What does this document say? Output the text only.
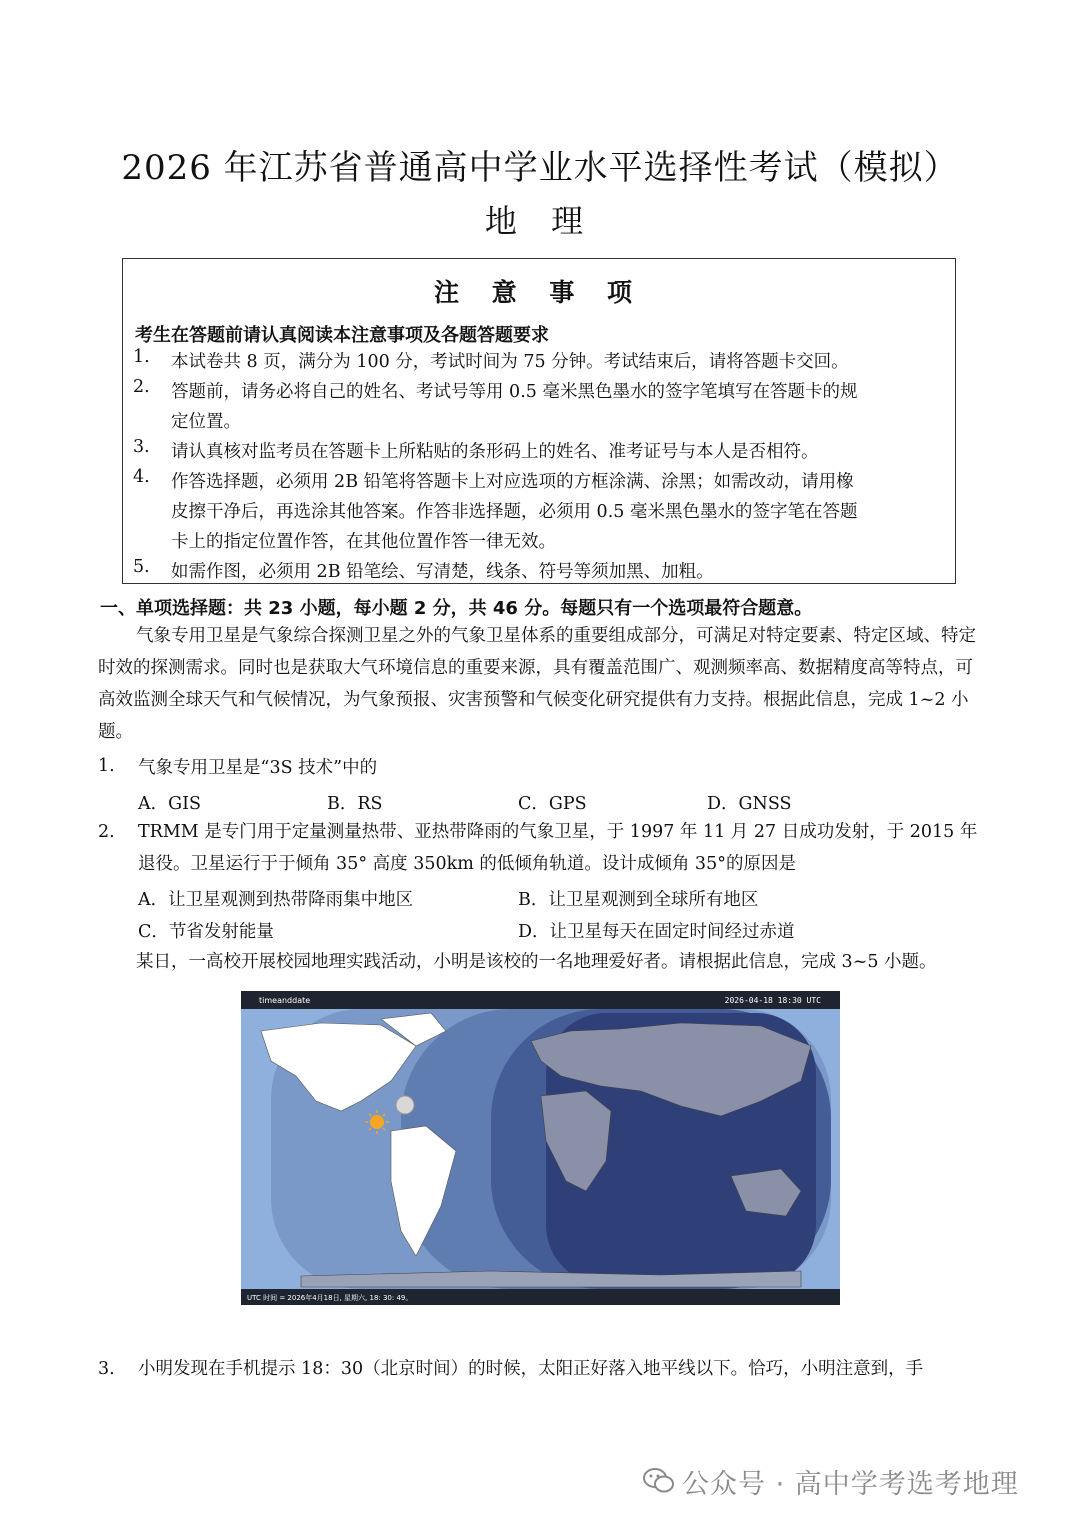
2026 年江苏省普通高中学业水平选择性考试（模拟）
地 理
注 意 事 项
考生在答题前请认真阅读本注意事项及各题答题要求
1. 本试卷共 8 页，满分为 100 分，考试时间为 75 分钟。考试结束后，请将答题卡交回。
2. 答题前，请务必将自己的姓名、考试号等用 0.5 毫米黑色墨水的签字笔填写在答题卡的规
定位置。
3. 请认真核对监考员在答题卡上所粘贴的条形码上的姓名、准考证号与本人是否相符。
4. 作答选择题，必须用 2B 铅笔将答题卡上对应选项的方框涂满、涂黑；如需改动，请用橡
皮擦干净后，再选涂其他答案。作答非选择题，必须用 0.5 毫米黑色墨水的签字笔在答题
卡上的指定位置作答，在其他位置作答一律无效。
5. 如需作图，必须用 2B 铅笔绘、写清楚，线条、符号等须加黑、加粗。
一、单项选择题：共 23 小题，每小题 2 分，共 46 分。每题只有一个选项最符合题意。
气象专用卫星是气象综合探测卫星之外的气象卫星体系的重要组成部分，可满足对特定要素、特定区域、特定时效的探测需求。同时也是获取大气环境信息的重要来源，具有覆盖范围广、观测频率高、数据精度高等特点，可高效监测全球天气和气候情况，为气象预报、灾害预警和气候变化研究提供有力支持。根据此信息，完成 1~2 小题。
1. 气象专用卫星是“3S 技术”中的
A．GIS	B．RS	C．GPS	D．GNSS
2. TRMM 是专门用于定量测量热带、亚热带降雨的气象卫星，于 1997 年 11 月 27 日成功发射，于 2015 年退役。卫星运行于于倾角 35° 高度 350km 的低倾角轨道。设计成倾角 35°的原因是
A．让卫星观测到热带降雨集中地区	B．让卫星观测到全球所有地区
C．节省发射能量	D．让卫星每天在固定时间经过赤道
某日，一高校开展校园地理实践活动，小明是该校的一名地理爱好者。请根据此信息，完成 3~5 小题。
timeanddate	2026-04-18 18:30 UTC
UTC 时间 = 2026年4月18日, 星期六, 18: 30: 49。
3. 小明发现在手机提示 18：30（北京时间）的时候，太阳正好落入地平线以下。恰巧，小明注意到，手
公众号 · 高中学考选考地理
